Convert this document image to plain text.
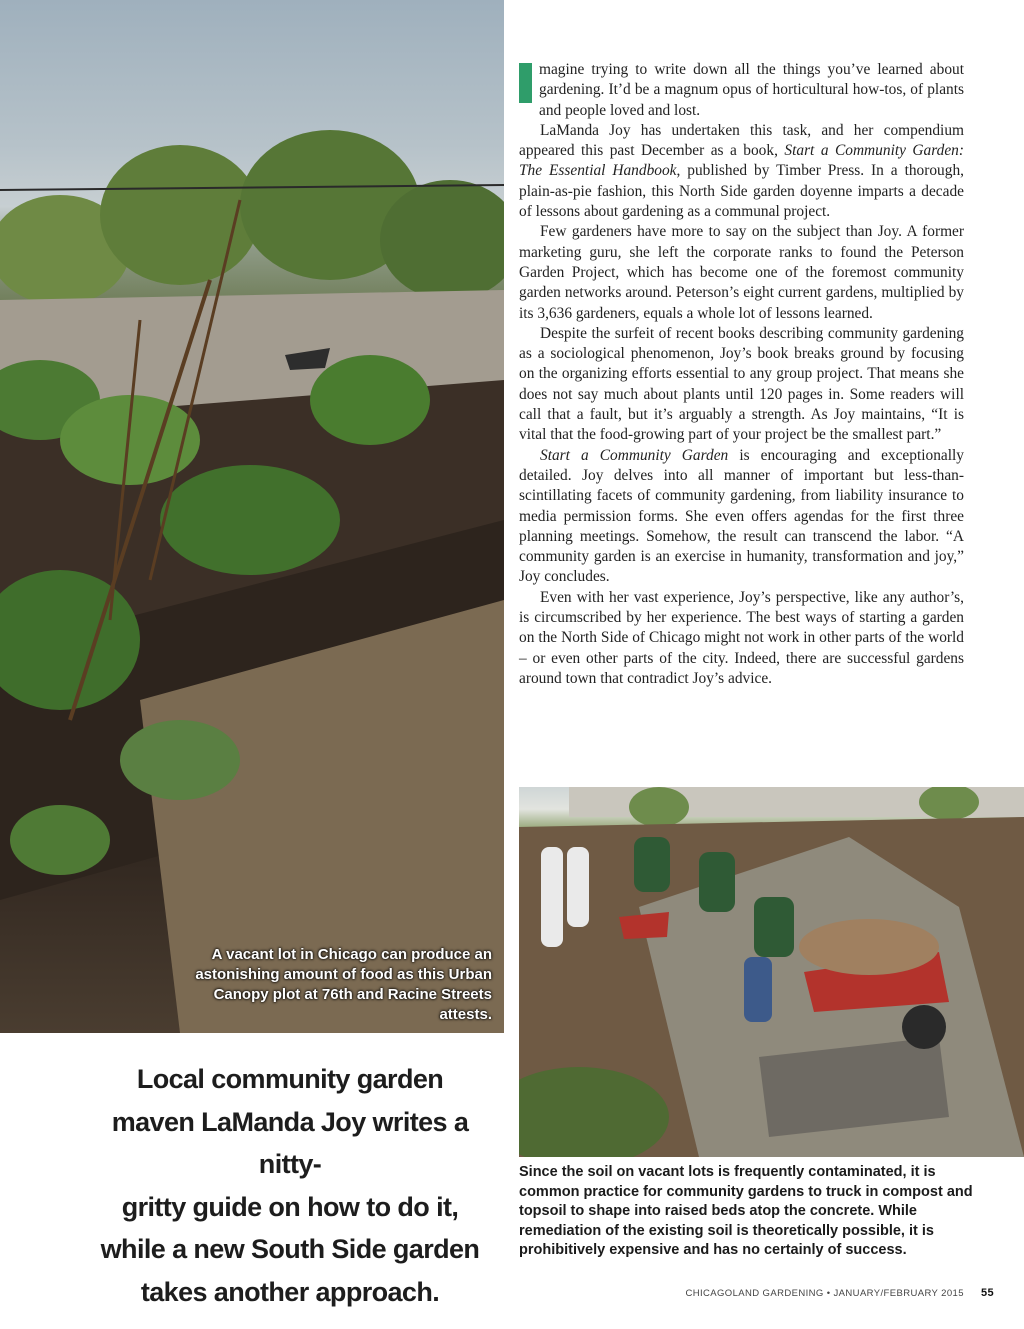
A vacant lot in Chicago can produce an astonishing amount of food as this Urban Canopy plot at 76th and Racine Streets attests.

magine trying to write down all the things you’ve learned about gardening. It’d be a magnum opus of horticultural how-tos, of plants and people loved and lost.

LaManda Joy has undertaken this task, and her compendium appeared this past December as a book, Start a Community Garden: The Essential Handbook, published by Timber Press. In a thorough, plain-as-pie fashion, this North Side garden doyenne imparts a decade of lessons about gardening as a communal project.

Few gardeners have more to say on the subject than Joy. A former marketing guru, she left the corporate ranks to found the Peterson Garden Project, which has become one of the foremost community garden networks around. Peterson’s eight current gardens, multiplied by its 3,636 gardeners, equals a whole lot of lessons learned.

Despite the surfeit of recent books describing community gardening as a sociological phenomenon, Joy’s book breaks ground by focusing on the organizing efforts essential to any group project. That means she does not say much about plants until 120 pages in. Some readers will call that a fault, but it’s arguably a strength. As Joy maintains, “It is vital that the food-growing part of your project be the smallest part.”

Start a Community Garden is encouraging and exceptionally detailed. Joy delves into all manner of important but less-than-scintillating facets of community gardening, from liability insurance to media permission forms. She even offers agendas for the first three planning meetings. Somehow, the result can transcend the labor. “A community garden is an exercise in humanity, transformation and joy,” Joy concludes.

Even with her vast experience, Joy’s perspective, like any author’s, is circumscribed by her experience. The best ways of starting a garden on the North Side of Chicago might not work in other parts of the world – or even other parts of the city. Indeed, there are successful gardens around town that contradict Joy’s advice.

Since the soil on vacant lots is frequently contaminated, it is common practice for community gardens to truck in compost and topsoil to shape into raised beds atop the concrete. While remediation of the existing soil is theoretically possible, it is prohibitively expensive and has no certainly of success.
Local community garden
maven LaManda Joy writes a nitty-
gritty guide on how to do it,
while a new South Side garden
takes another approach.	CHICAGOLAND GARDENING • JANUARY/FEBRUARY 2015 55
